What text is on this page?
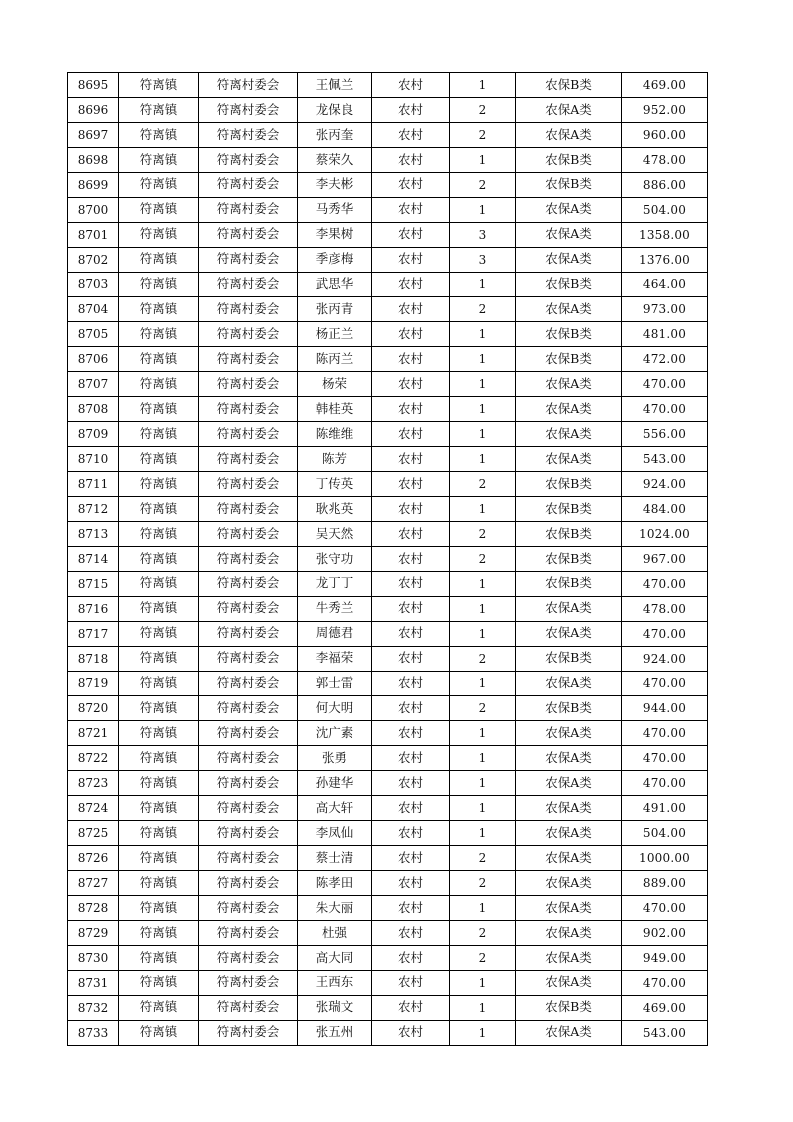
8695	符离镇	符离村委会	王佩兰	农村	1	农保B类	469.00
8696	符离镇	符离村委会	龙保良	农村	2	农保A类	952.00
8697	符离镇	符离村委会	张丙奎	农村	2	农保A类	960.00
8698	符离镇	符离村委会	蔡荣久	农村	1	农保B类	478.00
8699	符离镇	符离村委会	李夫彬	农村	2	农保B类	886.00
8700	符离镇	符离村委会	马秀华	农村	1	农保A类	504.00
8701	符离镇	符离村委会	李果树	农村	3	农保A类	1358.00
8702	符离镇	符离村委会	季彦梅	农村	3	农保A类	1376.00
8703	符离镇	符离村委会	武思华	农村	1	农保B类	464.00
8704	符离镇	符离村委会	张丙青	农村	2	农保A类	973.00
8705	符离镇	符离村委会	杨正兰	农村	1	农保B类	481.00
8706	符离镇	符离村委会	陈丙兰	农村	1	农保B类	472.00
8707	符离镇	符离村委会	杨荣	农村	1	农保A类	470.00
8708	符离镇	符离村委会	韩桂英	农村	1	农保A类	470.00
8709	符离镇	符离村委会	陈维维	农村	1	农保A类	556.00
8710	符离镇	符离村委会	陈芳	农村	1	农保A类	543.00
8711	符离镇	符离村委会	丁传英	农村	2	农保B类	924.00
8712	符离镇	符离村委会	耿兆英	农村	1	农保B类	484.00
8713	符离镇	符离村委会	吴天然	农村	2	农保B类	1024.00
8714	符离镇	符离村委会	张守功	农村	2	农保B类	967.00
8715	符离镇	符离村委会	龙丁丁	农村	1	农保B类	470.00
8716	符离镇	符离村委会	牛秀兰	农村	1	农保A类	478.00
8717	符离镇	符离村委会	周德君	农村	1	农保A类	470.00
8718	符离镇	符离村委会	李福荣	农村	2	农保B类	924.00
8719	符离镇	符离村委会	郭士雷	农村	1	农保A类	470.00
8720	符离镇	符离村委会	何大明	农村	2	农保B类	944.00
8721	符离镇	符离村委会	沈广素	农村	1	农保A类	470.00
8722	符离镇	符离村委会	张勇	农村	1	农保A类	470.00
8723	符离镇	符离村委会	孙建华	农村	1	农保A类	470.00
8724	符离镇	符离村委会	高大轩	农村	1	农保A类	491.00
8725	符离镇	符离村委会	李凤仙	农村	1	农保A类	504.00
8726	符离镇	符离村委会	蔡士清	农村	2	农保A类	1000.00
8727	符离镇	符离村委会	陈孝田	农村	2	农保A类	889.00
8728	符离镇	符离村委会	朱大丽	农村	1	农保A类	470.00
8729	符离镇	符离村委会	杜强	农村	2	农保A类	902.00
8730	符离镇	符离村委会	高大同	农村	2	农保A类	949.00
8731	符离镇	符离村委会	王西东	农村	1	农保A类	470.00
8732	符离镇	符离村委会	张瑞文	农村	1	农保B类	469.00
8733	符离镇	符离村委会	张五州	农村	1	农保A类	543.00
